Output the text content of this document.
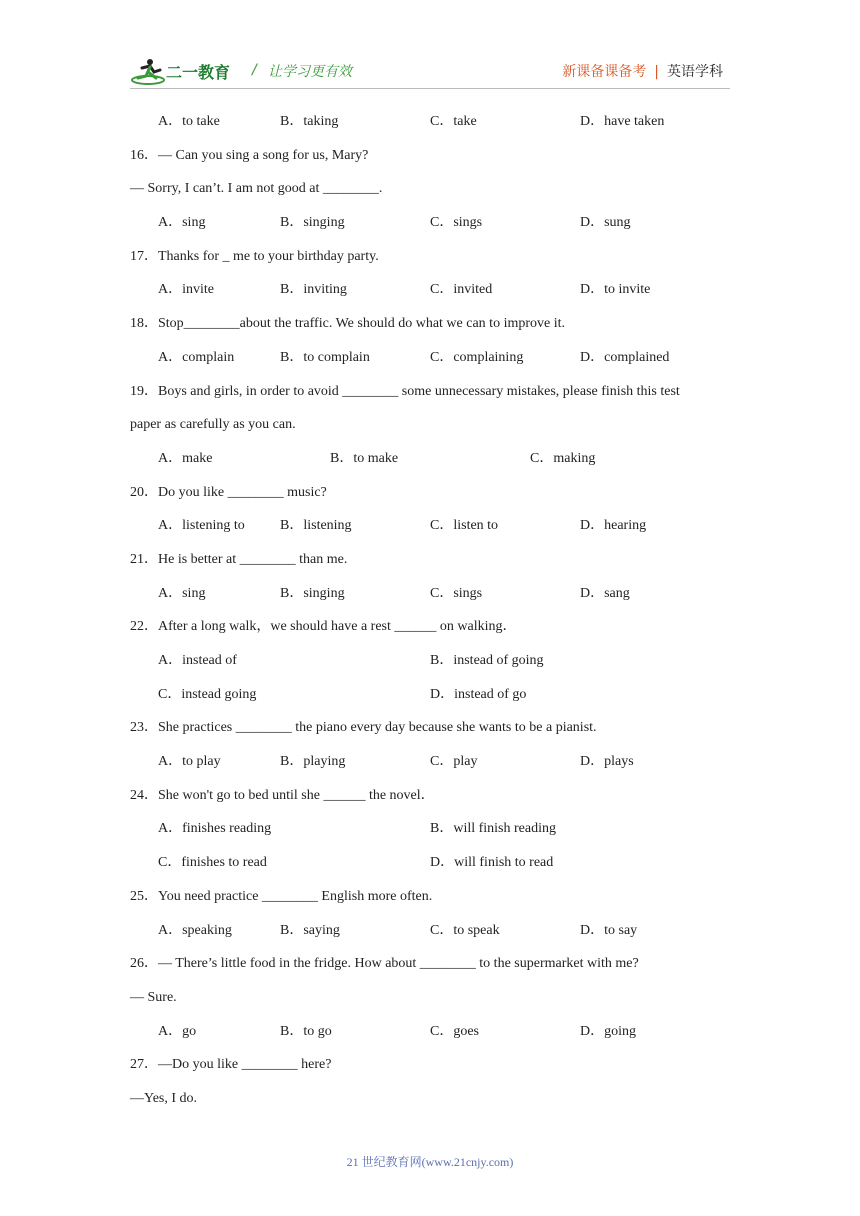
二一教育 / 让学习更有效	新课备课备考 | 英语学科
A．to take	B．taking	C．take	D．have taken
16．— Can you sing a song for us, Mary?
— Sorry, I can’t. I am not good at ________.
A．sing	B．singing	C．sings	D．sung
17．Thanks for _ me to your birthday party.
A．invite	B．inviting	C．invited	D．to invite
18．Stop________about the traffic. We should do what we can to improve it.
A．complain	B．to complain	C．complaining	D．complained
19．Boys and girls, in order to avoid ________ some unnecessary mistakes, please finish this test
paper as carefully as you can.
A．make	B．to make	C．making
20．Do you like ________ music?
A．listening to	B．listening	C．listen to	D．hearing
21．He is better at ________ than me.
A．sing	B．singing	C．sings	D．sang
22．After a long walk，we should have a rest ______ on walking．
A．instead of	B．instead of going
C．instead going	D．instead of go
23．She practices ________ the piano every day because she wants to be a pianist.
A．to play	B．playing	C．play	D．plays
24．She won't go to bed until she ______ the novel．
A．finishes reading	B．will finish reading
C．finishes to read	D．will finish to read
25．You need practice ________ English more often.
A．speaking	B．saying	C．to speak	D．to say
26．— There’s little food in the fridge. How about ________ to the supermarket with me?
— Sure.
A．go	B．to go	C．goes	D．going
27．—Do you like ________ here?
—Yes, I do.
21 世纪教育网(www.21cnjy.com)
